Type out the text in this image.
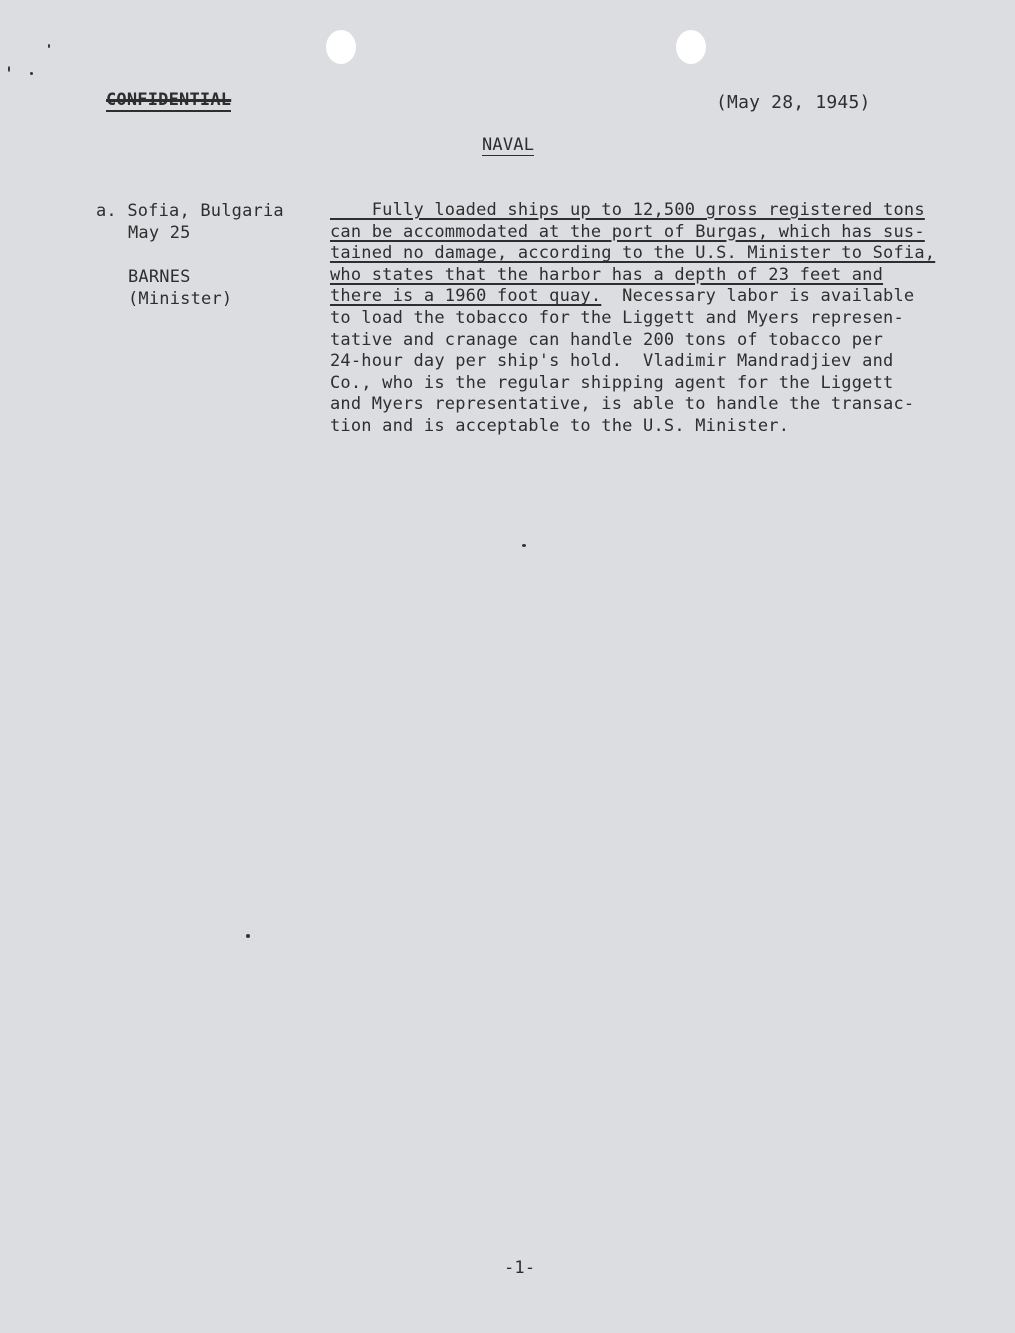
CONFIDENTIAL	(May 28, 1945)
NAVAL
a. Sofia, Bulgaria
May 25
BARNES
(Minister)
Fully loaded ships up to 12,500 gross registered tons
can be accommodated at the port of Burgas, which has sus-
tained no damage, according to the U.S. Minister to Sofia,
who states that the harbor has a depth of 23 feet and
there is a 1960 foot quay.  Necessary labor is available
to load the tobacco for the Liggett and Myers represen-
tative and cranage can handle 200 tons of tobacco per
24-hour day per ship's hold.  Vladimir Mandradjiev and
Co., who is the regular shipping agent for the Liggett
and Myers representative, is able to handle the transac-
tion and is acceptable to the U.S. Minister.
-1-
